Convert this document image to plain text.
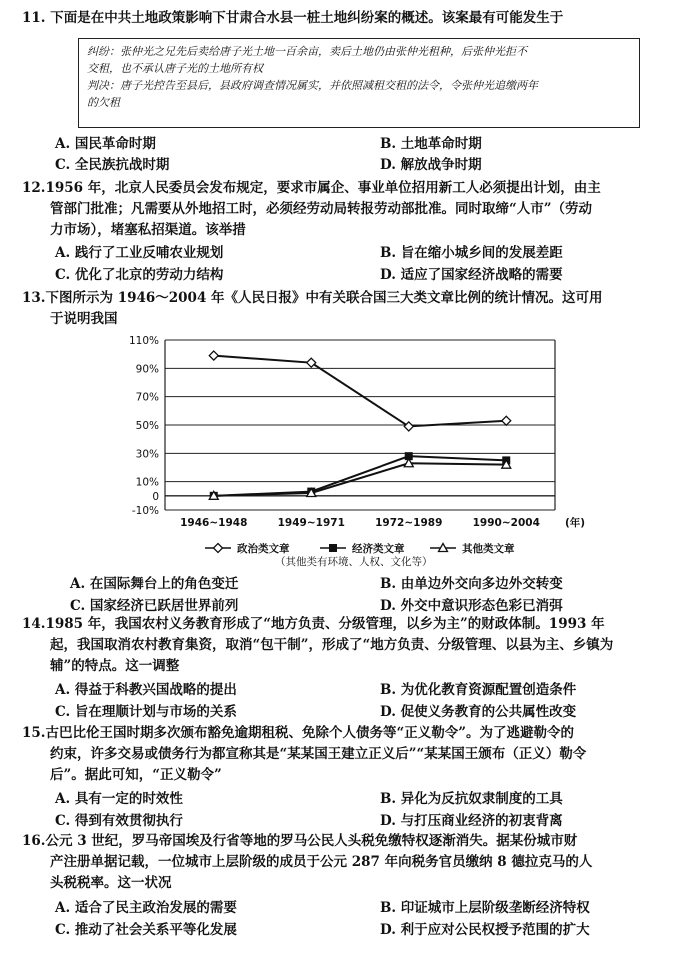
11. 下面是在中共土地政策影响下甘肃合水县一桩土地纠纷案的概述。该案最有可能发生于

纠纷：张仲光之兄先后卖给唐子光土地一百余亩，卖后土地仍由张仲光租种，后张仲光拒不

交租，也不承认唐子光的土地所有权

判决：唐子光控告至县后，县政府调查情况属实，并依照减租交租的法令，令张仲光追缴两年

的欠租

A. 国民革命时期	B. 土地革命时期
C. 全民族抗战时期	D. 解放战争时期
12.1956 年，北京人民委员会发布规定，要求市属企、事业单位招用新工人必须提出计划，由主
管部门批准；凡需要从外地招工时，必须经劳动局转报劳动部批准。同时取缔“人市”（劳动
力市场），堵塞私招渠道。该举措
A. 践行了工业反哺农业规划	B. 旨在缩小城乡间的发展差距
C. 优化了北京的劳动力结构	D. 适应了国家经济战略的需要
13.下图所示为 1946～2004 年《人民日报》中有关联合国三大类文章比例的统计情况。这可用
于说明我国
110%
90%
70%
50%
30%
10%
0
-10%
1946~1948	1949~1971	1972~1989	1990~2004 (年)
政治类文章	经济类文章	其他类文章
（其他类有环境、人权、文化等）
A. 在国际舞台上的角色变迁	B. 由单边外交向多边外交转变
C. 国家经济已跃居世界前列	D. 外交中意识形态色彩已消弭
14.1985 年，我国农村义务教育形成了“地方负责、分级管理，以乡为主”的财政体制。1993 年
起，我国取消农村教育集资，取消“包干制”，形成了“地方负责、分级管理、以县为主、乡镇为
辅”的特点。这一调整
A. 得益于科教兴国战略的提出	B. 为优化教育资源配置创造条件
C. 旨在理顺计划与市场的关系	D. 促使义务教育的公共属性改变
15.古巴比伦王国时期多次颁布豁免逾期租税、免除个人债务等“正义勒令”。为了逃避勒令的
约束，许多交易或债务行为都宣称其是“某某国王建立正义后”“某某国王颁布（正义）勒令
后”。据此可知，“正义勒令”
A. 具有一定的时效性	B. 异化为反抗奴隶制度的工具
C. 得到有效贯彻执行	D. 与打压商业经济的初衷背离
16.公元 3 世纪，罗马帝国埃及行省等地的罗马公民人头税免缴特权逐渐消失。据某份城市财
产注册单据记载，一位城市上层阶级的成员于公元 287 年向税务官员缴纳 8 德拉克马的人
头税税率。这一状况
A. 适合了民主政治发展的需要	B. 印证城市上层阶级垄断经济特权
C. 推动了社会关系平等化发展	D. 利于应对公民权授予范围的扩大
